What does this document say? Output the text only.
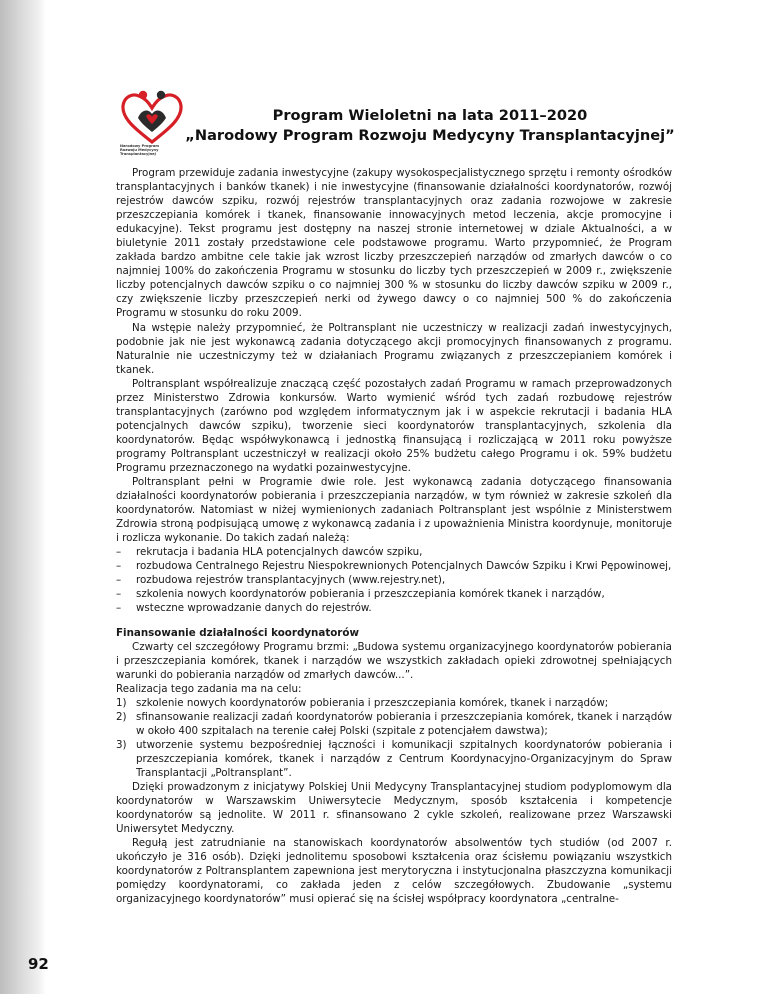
Narodowy Program
Rozwoju Medycyny
Transplantacyjnej
Program Wieloletni na lata 2011–2020
„Narodowy Program Rozwoju Medycyny Transplantacyjnej”

Program przewiduje zadania inwestycyjne (zakupy wysokospecjalistycznego sprzętu i remonty ośrodków transplantacyjnych i banków tkanek) i nie inwestycyjne (finansowanie działalności koordynatorów, rozwój rejestrów dawców szpiku, rozwój rejestrów transplantacyjnych oraz zadania rozwojowe w zakresie przeszczepiania komórek i tkanek, finansowanie innowacyjnych metod leczenia, akcje promocyjne i edukacyjne). Tekst programu jest dostępny na naszej stronie internetowej w dziale Aktualności, a w biuletynie 2011 zostały przedstawione cele podstawowe programu. Warto przypomnieć, że Program zakłada bardzo ambitne cele takie jak wzrost liczby przeszczepień narządów od zmarłych dawców o co najmniej 100% do zakończenia Programu w stosunku do liczby tych przeszczepień w 2009 r., zwiększenie liczby potencjalnych dawców szpiku o co najmniej 300 % w stosunku do liczby dawców szpiku w 2009 r., czy zwiększenie liczby przeszczepień nerki od żywego dawcy o co najmniej 500 % do zakończenia Programu w stosunku do roku 2009.

Na wstępie należy przypomnieć, że Poltransplant nie uczestniczy w realizacji zadań inwestycyjnych, podobnie jak nie jest wykonawcą zadania dotyczącego akcji promocyjnych finansowanych z programu. Naturalnie nie uczestniczymy też w działaniach Programu związanych z przeszczepianiem komórek i tkanek.

Poltransplant współrealizuje znaczącą część pozostałych zadań Programu w ramach przeprowadzonych przez Ministerstwo Zdrowia konkursów. Warto wymienić wśród tych zadań rozbudowę rejestrów transplantacyjnych (zarówno pod względem informatycznym jak i w aspekcie rekrutacji i badania HLA potencjalnych dawców szpiku), tworzenie sieci koordynatorów transplantacyjnych, szkolenia dla koordynatorów. Będąc współwykonawcą i jednostką finansującą i rozliczającą w 2011 roku powyższe programy Poltransplant uczestniczył w realizacji około 25% budżetu całego Programu i ok. 59% budżetu Programu przeznaczonego na wydatki pozainwestycyjne.

Poltransplant pełni w Programie dwie role. Jest wykonawcą zadania dotyczącego finansowania działalności koordynatorów pobierania i przeszczepiania narządów, w tym również w zakresie szkoleń dla koordynatorów. Natomiast w niżej wymienionych zadaniach Poltransplant jest wspólnie z Ministerstwem Zdrowia stroną podpisującą umowę z wykonawcą zadania i z upoważnienia Ministra koordynuje, monitoruje i rozlicza wykonanie. Do takich zadań należą:

– rekrutacja i badania HLA potencjalnych dawców szpiku,
– rozbudowa Centralnego Rejestru Niespokrewnionych Potencjalnych Dawców Szpiku i Krwi Pępowinowej,
– rozbudowa rejestrów transplantacyjnych (www.rejestry.net),
– szkolenia nowych koordynatorów pobierania i przeszczepiania komórek tkanek i narządów,
– wsteczne wprowadzanie danych do rejestrów.

Finansowanie działalności koordynatorów

Czwarty cel szczegółowy Programu brzmi: „Budowa systemu organizacyjnego koordynatorów pobierania i przeszczepiania komórek, tkanek i narządów we wszystkich zakładach opieki zdrowotnej spełniających warunki do pobierania narządów od zmarłych dawców...”.

Realizacja tego zadania ma na celu:

1) szkolenie nowych koordynatorów pobierania i przeszczepiania komórek, tkanek i narządów;
2) sfinansowanie realizacji zadań koordynatorów pobierania i przeszczepiania komórek, tkanek i narządów w około 400 szpitalach na terenie całej Polski (szpitale z potencjałem dawstwa);
3) utworzenie systemu bezpośredniej łączności i komunikacji szpitalnych koordynatorów pobierania i przeszczepiania komórek, tkanek i narządów z Centrum Koordynacyjno-Organizacyjnym do Spraw Transplantacji „Poltransplant”.

Dzięki prowadzonym z inicjatywy Polskiej Unii Medycyny Transplantacyjnej studiom podyplomowym dla koordynatorów w Warszawskim Uniwersytecie Medycznym, sposób kształcenia i kompetencje koordynatorów są jednolite. W 2011 r. sfinansowano 2 cykle szkoleń, realizowane przez Warszawski Uniwersytet Medyczny.

Regułą jest zatrudnianie na stanowiskach koordynatorów absolwentów tych studiów (od 2007 r. ukończyło je 316 osób). Dzięki jednolitemu sposobowi kształcenia oraz ścisłemu powiązaniu wszystkich koordynatorów z Poltransplantem zapewniona jest merytoryczna i instytucjonalna płaszczyzna komunikacji pomiędzy koordynatorami, co zakłada jeden z celów szczegółowych. Zbudowanie „systemu organizacyjnego koordynatorów” musi opierać się na ścisłej współpracy koordynatora „centralne-

92
